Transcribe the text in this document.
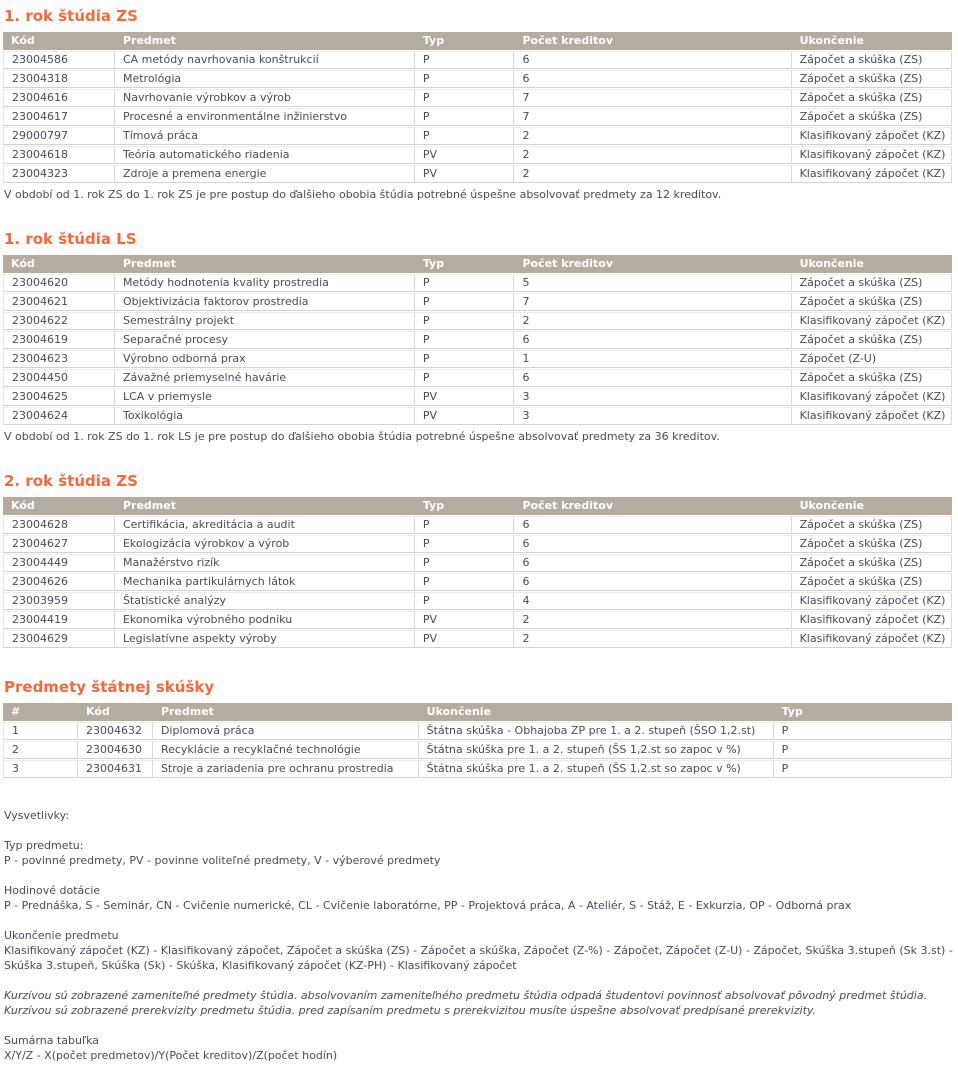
1. rok štúdia ZS
Kód	Predmet	Typ	Počet kreditov	Ukončenie
23004586	CA metódy navrhovania konštrukcií	P	6	Zápočet a skúška (ZS)
23004318	Metrológia	P	6	Zápočet a skúška (ZS)
23004616	Navrhovanie výrobkov a výrob	P	7	Zápočet a skúška (ZS)
23004617	Procesné a environmentálne inžinierstvo	P	7	Zápočet a skúška (ZS)
29000797	Tímová práca	P	2	Klasifikovaný zápočet (KZ)
23004618	Teória automatického riadenia	PV	2	Klasifikovaný zápočet (KZ)
23004323	Zdroje a premena energie	PV	2	Klasifikovaný zápočet (KZ)

V období od 1. rok ZS do 1. rok ZS je pre postup do ďalšieho obobia štúdia potrebné úspešne absolvovať predmety za 12 kreditov.

1. rok štúdia LS
Kód	Predmet	Typ	Počet kreditov	Ukončenie
23004620	Metódy hodnotenia kvality prostredia	P	5	Zápočet a skúška (ZS)
23004621	Objektivizácia faktorov prostredia	P	7	Zápočet a skúška (ZS)
23004622	Semestrálny projekt	P	2	Klasifikovaný zápočet (KZ)
23004619	Separačné procesy	P	6	Zápočet a skúška (ZS)
23004623	Výrobno odborná prax	P	1	Zápočet (Z-U)
23004450	Závažné priemyselné havárie	P	6	Zápočet a skúška (ZS)
23004625	LCA v priemysle	PV	3	Klasifikovaný zápočet (KZ)
23004624	Toxikológia	PV	3	Klasifikovaný zápočet (KZ)

V období od 1. rok ZS do 1. rok LS je pre postup do ďalšieho obobia štúdia potrebné úspešne absolvovať predmety za 36 kreditov.

2. rok štúdia ZS
Kód	Predmet	Typ	Počet kreditov	Ukončenie
23004628	Certifikácia, akreditácia a audit	P	6	Zápočet a skúška (ZS)
23004627	Ekologizácia výrobkov a výrob	P	6	Zápočet a skúška (ZS)
23004449	Manažérstvo rizík	P	6	Zápočet a skúška (ZS)
23004626	Mechanika partikulárnych látok	P	6	Zápočet a skúška (ZS)
23003959	Štatistické analýzy	P	4	Klasifikovaný zápočet (KZ)
23004419	Ekonomika výrobného podniku	PV	2	Klasifikovaný zápočet (KZ)
23004629	Legislatívne aspekty výroby	PV	2	Klasifikovaný zápočet (KZ)
Predmety štátnej skúšky
#	Kód	Predmet	Ukončenie	Typ
1	23004632	Diplomová práca	Štátna skúška - Obhajoba ZP pre 1. a 2. stupeň (ŠSO 1,2.st)	P
2	23004630	Recyklácie a recyklačné technológie	Štátna skúška pre 1. a 2. stupeň (ŠS 1,2.st so zapoc v %)	P
3	23004631	Stroje a zariadenia pre ochranu prostredia	Štátna skúška pre 1. a 2. stupeň (ŠS 1,2.st so zapoc v %)	P
Vysvetlivky:
Typ predmetu:
P - povinné predmety, PV - povinne voliteľné predmety, V - výberové predmety
Hodinové dotácie
P - Prednáška, S - Seminár, CN - Cvičenie numerické, CL - Cvičenie laboratórne, PP - Projektová práca, A - Ateliér, S - Stáž, E - Exkurzia, OP - Odborná prax
Ukončenie predmetu
Klasifikovaný zápočet (KZ) - Klasifikovaný zápočet, Zápočet a skúška (ZS) - Zápočet a skúška, Zápočet (Z-%) - Zápočet, Zápočet (Z-U) - Zápočet, Skúška 3.stupeň (Sk 3.st) - Skúška 3.stupeň, Skúška (Sk) - Skúška, Klasifikovaný zápočet (KZ-PH) - Klasifikovaný zápočet
Kurzívou sú zobrazené zameniteľné predmety štúdia. absolvovaním zameniteľného predmetu štúdia odpadá študentovi povinnosť absolvovať pôvodný predmet štúdia.
Kurzívou sú zobrazené prerekvizity predmetu štúdia. pred zapísaním predmetu s prerekvizitou musíte úspešne absolvovať predpísané prerekvizity.
Sumárna tabuľka
X/Y/Z - X(počet predmetov)/Y(Počet kreditov)/Z(počet hodín)
